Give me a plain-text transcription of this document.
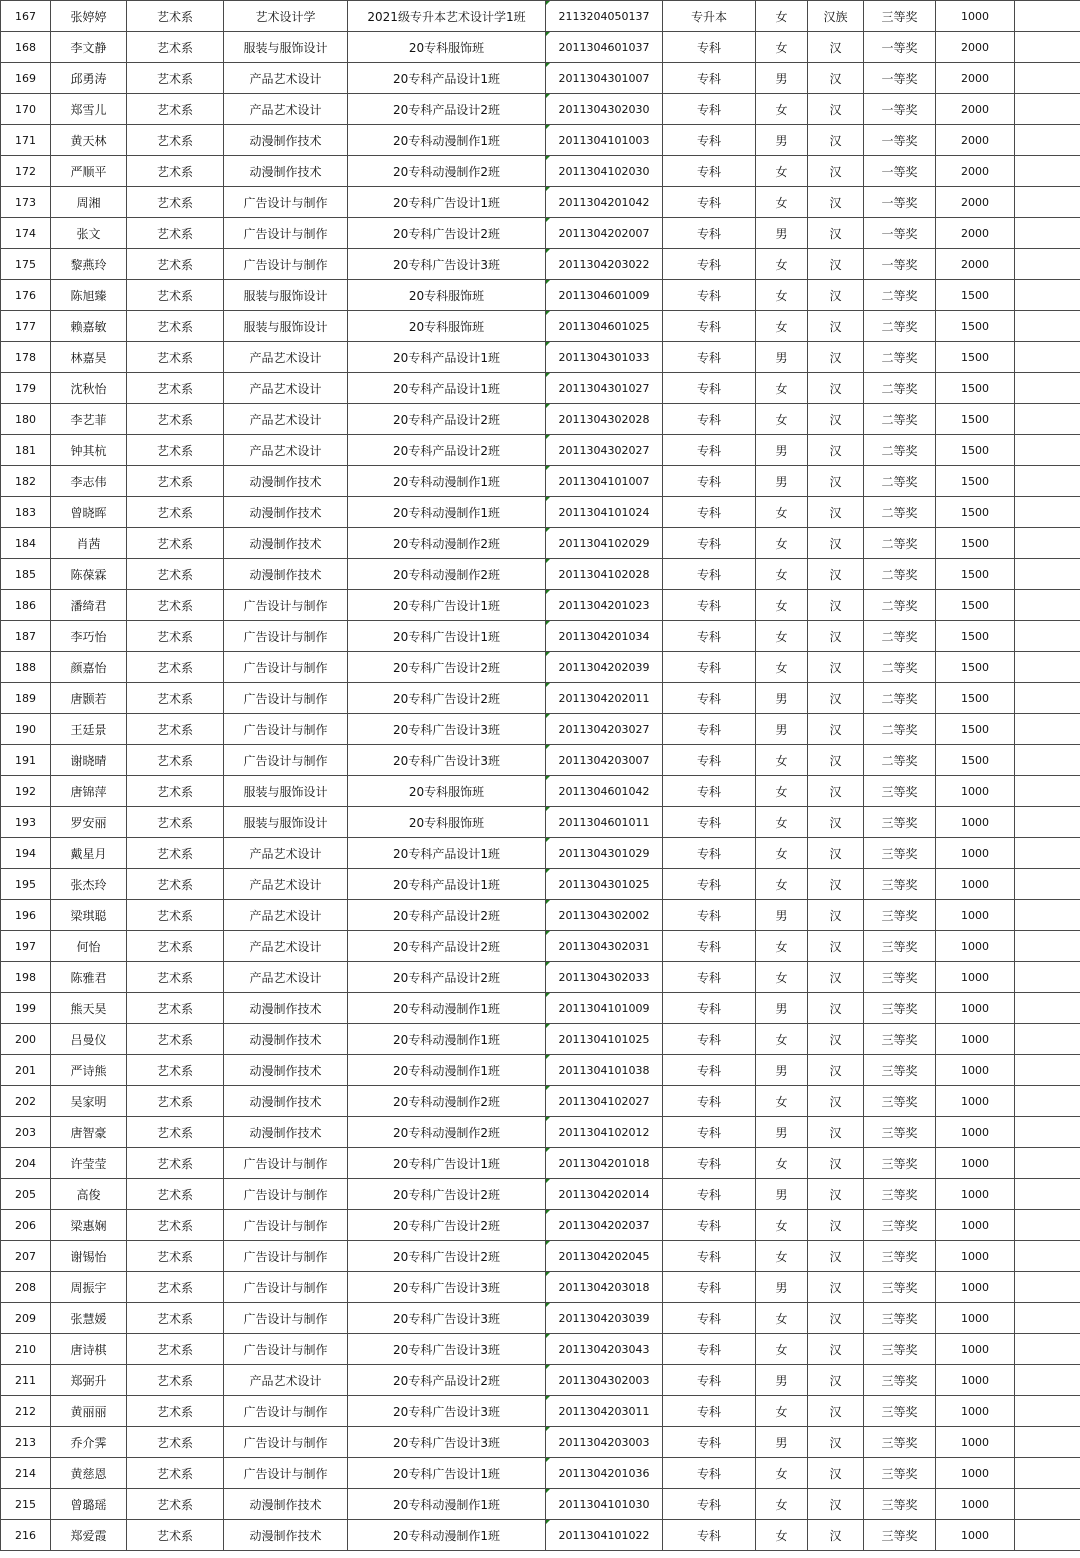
167	张婷婷	艺术系	艺术设计学	2021级专升本艺术设计学1班	2113204050137	专升本	女	汉族	三等奖	1000	
168	李文静	艺术系	服装与服饰设计	20专科服饰班	2011304601037	专科	女	汉	一等奖	2000	
169	邱勇涛	艺术系	产品艺术设计	20专科产品设计1班	2011304301007	专科	男	汉	一等奖	2000	
170	郑雪儿	艺术系	产品艺术设计	20专科产品设计2班	2011304302030	专科	女	汉	一等奖	2000	
171	黄天林	艺术系	动漫制作技术	20专科动漫制作1班	2011304101003	专科	男	汉	一等奖	2000	
172	严顺平	艺术系	动漫制作技术	20专科动漫制作2班	2011304102030	专科	女	汉	一等奖	2000	
173	周湘	艺术系	广告设计与制作	20专科广告设计1班	2011304201042	专科	女	汉	一等奖	2000	
174	张文	艺术系	广告设计与制作	20专科广告设计2班	2011304202007	专科	男	汉	一等奖	2000	
175	黎燕玲	艺术系	广告设计与制作	20专科广告设计3班	2011304203022	专科	女	汉	一等奖	2000	
176	陈旭臻	艺术系	服装与服饰设计	20专科服饰班	2011304601009	专科	女	汉	二等奖	1500	
177	赖嘉敏	艺术系	服装与服饰设计	20专科服饰班	2011304601025	专科	女	汉	二等奖	1500	
178	林嘉昊	艺术系	产品艺术设计	20专科产品设计1班	2011304301033	专科	男	汉	二等奖	1500	
179	沈秋怡	艺术系	产品艺术设计	20专科产品设计1班	2011304301027	专科	女	汉	二等奖	1500	
180	李艺菲	艺术系	产品艺术设计	20专科产品设计2班	2011304302028	专科	女	汉	二等奖	1500	
181	钟其杭	艺术系	产品艺术设计	20专科产品设计2班	2011304302027	专科	男	汉	二等奖	1500	
182	李志伟	艺术系	动漫制作技术	20专科动漫制作1班	2011304101007	专科	男	汉	二等奖	1500	
183	曾晓晖	艺术系	动漫制作技术	20专科动漫制作1班	2011304101024	专科	女	汉	二等奖	1500	
184	肖茜	艺术系	动漫制作技术	20专科动漫制作2班	2011304102029	专科	女	汉	二等奖	1500	
185	陈葆霖	艺术系	动漫制作技术	20专科动漫制作2班	2011304102028	专科	女	汉	二等奖	1500	
186	潘绮君	艺术系	广告设计与制作	20专科广告设计1班	2011304201023	专科	女	汉	二等奖	1500	
187	李巧怡	艺术系	广告设计与制作	20专科广告设计1班	2011304201034	专科	女	汉	二等奖	1500	
188	颜嘉怡	艺术系	广告设计与制作	20专科广告设计2班	2011304202039	专科	女	汉	二等奖	1500	
189	唐颢若	艺术系	广告设计与制作	20专科广告设计2班	2011304202011	专科	男	汉	二等奖	1500	
190	王廷景	艺术系	广告设计与制作	20专科广告设计3班	2011304203027	专科	男	汉	二等奖	1500	
191	谢晓晴	艺术系	广告设计与制作	20专科广告设计3班	2011304203007	专科	女	汉	二等奖	1500	
192	唐锦萍	艺术系	服装与服饰设计	20专科服饰班	2011304601042	专科	女	汉	三等奖	1000	
193	罗安丽	艺术系	服装与服饰设计	20专科服饰班	2011304601011	专科	女	汉	三等奖	1000	
194	戴星月	艺术系	产品艺术设计	20专科产品设计1班	2011304301029	专科	女	汉	三等奖	1000	
195	张杰玲	艺术系	产品艺术设计	20专科产品设计1班	2011304301025	专科	女	汉	三等奖	1000	
196	梁琪聪	艺术系	产品艺术设计	20专科产品设计2班	2011304302002	专科	男	汉	三等奖	1000	
197	何怡	艺术系	产品艺术设计	20专科产品设计2班	2011304302031	专科	女	汉	三等奖	1000	
198	陈雅君	艺术系	产品艺术设计	20专科产品设计2班	2011304302033	专科	女	汉	三等奖	1000	
199	熊天昊	艺术系	动漫制作技术	20专科动漫制作1班	2011304101009	专科	男	汉	三等奖	1000	
200	吕曼仪	艺术系	动漫制作技术	20专科动漫制作1班	2011304101025	专科	女	汉	三等奖	1000	
201	严诗熊	艺术系	动漫制作技术	20专科动漫制作1班	2011304101038	专科	男	汉	三等奖	1000	
202	吴家明	艺术系	动漫制作技术	20专科动漫制作2班	2011304102027	专科	女	汉	三等奖	1000	
203	唐智豪	艺术系	动漫制作技术	20专科动漫制作2班	2011304102012	专科	男	汉	三等奖	1000	
204	许莹莹	艺术系	广告设计与制作	20专科广告设计1班	2011304201018	专科	女	汉	三等奖	1000	
205	高俊	艺术系	广告设计与制作	20专科广告设计2班	2011304202014	专科	男	汉	三等奖	1000	
206	梁惠娴	艺术系	广告设计与制作	20专科广告设计2班	2011304202037	专科	女	汉	三等奖	1000	
207	谢锡怡	艺术系	广告设计与制作	20专科广告设计2班	2011304202045	专科	女	汉	三等奖	1000	
208	周振宇	艺术系	广告设计与制作	20专科广告设计3班	2011304203018	专科	男	汉	三等奖	1000	
209	张慧媛	艺术系	广告设计与制作	20专科广告设计3班	2011304203039	专科	女	汉	三等奖	1000	
210	唐诗棋	艺术系	广告设计与制作	20专科广告设计3班	2011304203043	专科	女	汉	三等奖	1000	
211	郑弼升	艺术系	产品艺术设计	20专科产品设计2班	2011304302003	专科	男	汉	三等奖	1000	
212	黄丽丽	艺术系	广告设计与制作	20专科广告设计3班	2011304203011	专科	女	汉	三等奖	1000	
213	乔介霁	艺术系	广告设计与制作	20专科广告设计3班	2011304203003	专科	男	汉	三等奖	1000	
214	黄慈恩	艺术系	广告设计与制作	20专科广告设计1班	2011304201036	专科	女	汉	三等奖	1000	
215	曾璐瑶	艺术系	动漫制作技术	20专科动漫制作1班	2011304101030	专科	女	汉	三等奖	1000	
216	郑爱霞	艺术系	动漫制作技术	20专科动漫制作1班	2011304101022	专科	女	汉	三等奖	1000	
